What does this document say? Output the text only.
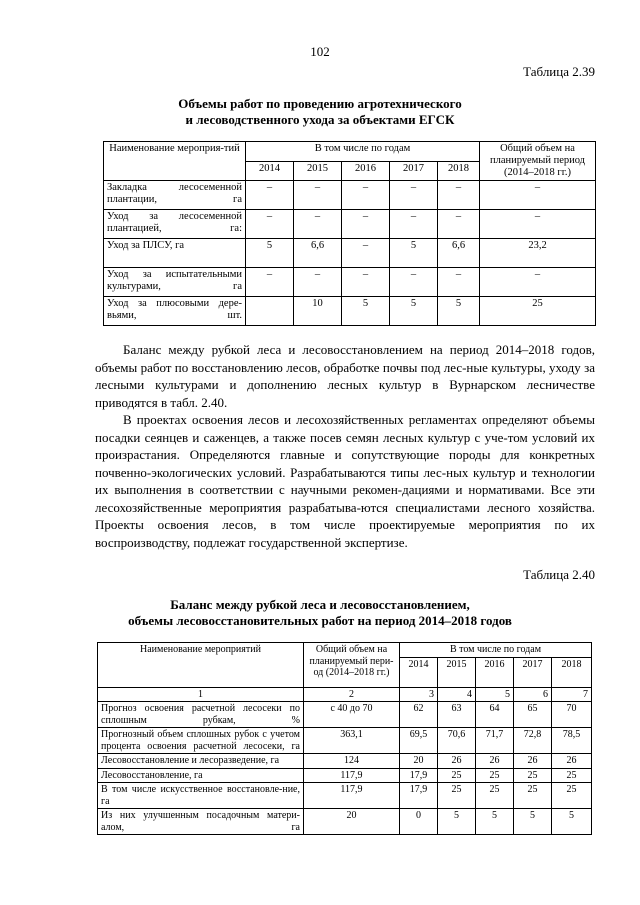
102
Таблица 2.39
Объемы работ по проведению агротехнического
и лесоводственного ухода за объектами ЕГСК
Наименование мероприя-тий	В том числе по годам					Общий объем на планируемый период (2014–2018 гг.)
	2014	2015	2016	2017	2018	
Закладка лесосеменной плантации, га	–	–	–	–	–	–
Уход за лесосеменной плантацией, га:	–	–	–	–	–	–
Уход за ПЛСУ, га	5	6,6	–	5	6,6	23,2
Уход за испытательными культурами, га	–	–	–	–	–	–
Уход за плюсовыми дере-вьями, шт.		10	5	5	5	25

Баланс между рубкой леса и лесовосстановлением на период 2014–2018 годов, объемы работ по восстановлению лесов, обработке почвы под лес-ные культуры, уходу за лесными культурами и дополнению лесных культур в Вурнарском лесничестве приводятся в табл. 2.40.

В проектах освоения лесов и лесохозяйственных регламентах определяют объемы посадки сеянцев и саженцев, а также посев семян лесных культур с уче-том условий их произрастания. Определяются главные и сопутствующие породы для конкретных почвенно-экологических условий. Разрабатываются типы лес-ных культур и технологии их выполнения в соответствии с научными рекомен-дациями и нормативами. Все эти лесохозяйственные мероприятия разрабатыва-ются специалистами лесного хозяйства. Проекты освоения лесов, в том числе проектируемые мероприятия по их воспроизводству, подлежат государственной экспертизе.

Таблица 2.40
Баланс между рубкой леса и лесовосстановлением,
объемы лесовосстановительных работ на период 2014–2018 годов
Наименование мероприятий	Общий объем на планируемый пери-од (2014–2018 гг.)	В том числе по годам				
		2014	2015	2016	2017	2018
1	2	3	4	5	6	7
Прогноз освоения расчетной лесосеки по сплошным рубкам, %	с 40 до 70	62	63	64	65	70
Прогнозный объем сплошных рубок с учетом процента освоения расчетной лесосеки, га	363,1	69,5	70,6	71,7	72,8	78,5
Лесовосстановление и лесоразведение, га	124	20	26	26	26	26
Лесовосстановление, га	117,9	17,9	25	25	25	25
В том числе искусственное восстановле-ние, га	117,9	17,9	25	25	25	25
Из них улучшенным посадочным матери-алом, га	20	0	5	5	5	5
